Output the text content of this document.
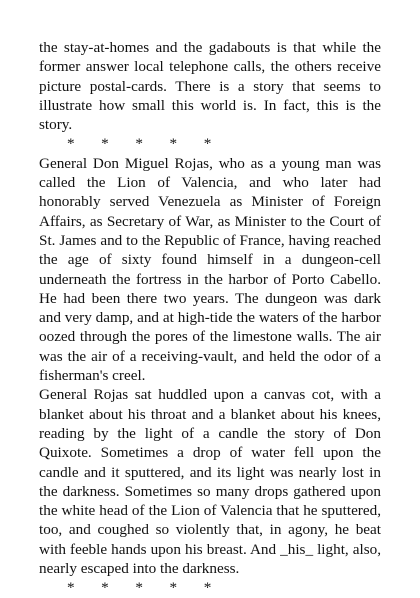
the stay-at-homes and the gadabouts is that while the former answer local telephone calls, the others receive picture postal-cards. There is a story that seems to illustrate how small this world is. In fact, this is the story.

*       *       *       *       *

General Don Miguel Rojas, who as a young man was called the Lion of Valencia, and who later had honorably served Venezuela as Minister of Foreign Affairs, as Secretary of War, as Minister to the Court of St. James and to the Republic of France, having reached the age of sixty found himself in a dungeon-cell underneath the fortress in the harbor of Porto Cabello. He had been there two years. The dungeon was dark and very damp, and at high-tide the waters of the harbor oozed through the pores of the limestone walls. The air was the air of a receiving-vault, and held the odor of a fisherman's creel.

General Rojas sat huddled upon a canvas cot, with a blanket about his throat and a blanket about his knees, reading by the light of a candle the story of Don Quixote. Sometimes a drop of water fell upon the candle and it sputtered, and its light was nearly lost in the darkness. Sometimes so many drops gathered upon the white head of the Lion of Valencia that he sputtered, too, and coughed so violently that, in agony, he beat with feeble hands upon his breast. And _his_ light, also, nearly escaped into the darkness.

*       *       *       *       *
